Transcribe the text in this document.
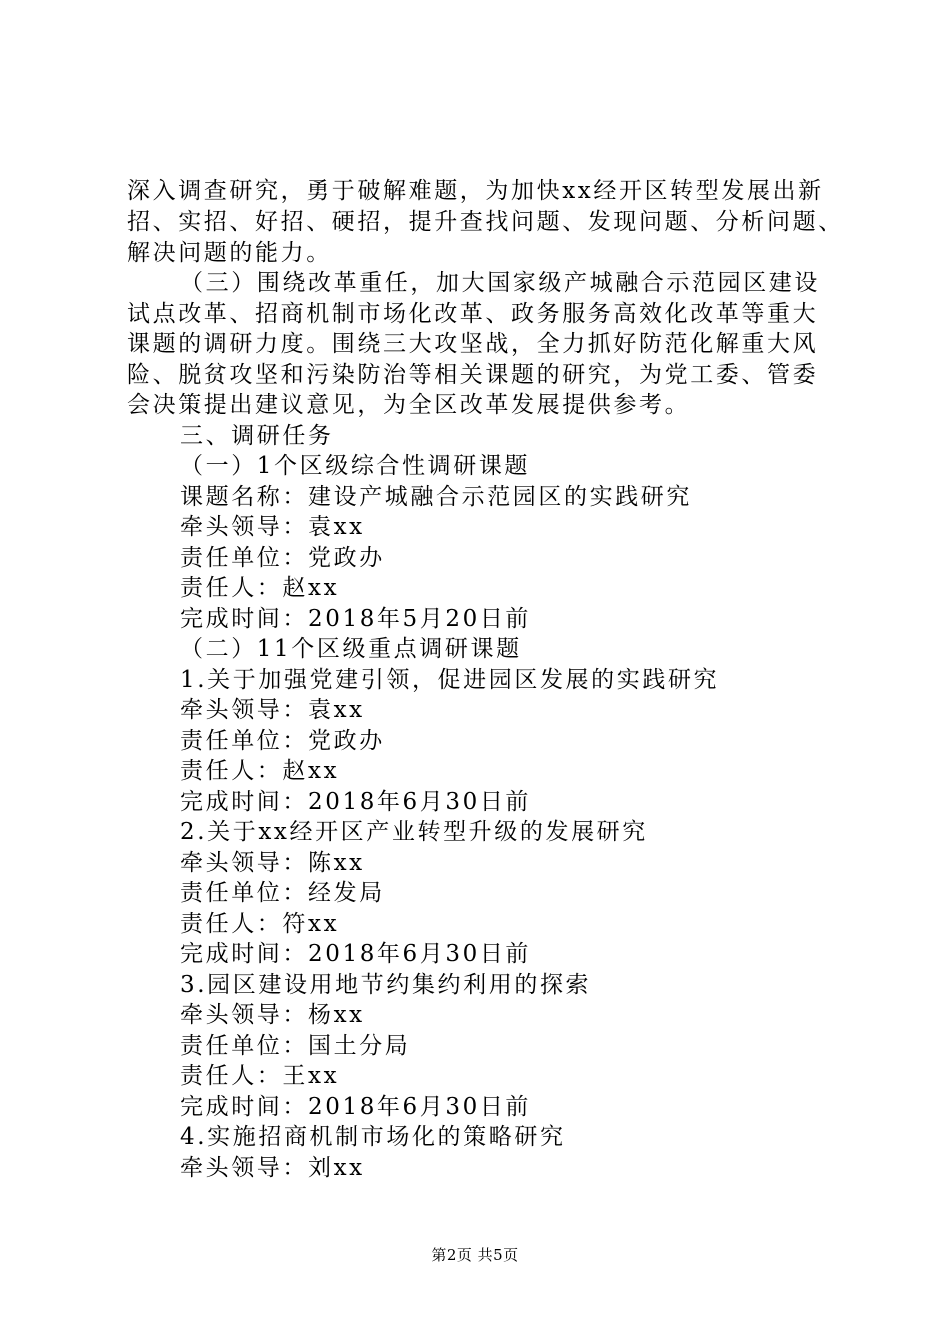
深入调查研究，勇于破解难题，为加快xx经开区转型发展出新
招、实招、好招、硬招，提升查找问题、发现问题、分析问题、
解决问题的能力。
（三）围绕改革重任，加大国家级产城融合示范园区建设
试点改革、招商机制市场化改革、政务服务高效化改革等重大
课题的调研力度。围绕三大攻坚战，全力抓好防范化解重大风
险、脱贫攻坚和污染防治等相关课题的研究，为党工委、管委
会决策提出建议意见，为全区改革发展提供参考。
三、调研任务
（一）1个区级综合性调研课题
课题名称：建设产城融合示范园区的实践研究
牵头领导：袁xx
责任单位：党政办
责任人：赵xx
完成时间：2018年5月20日前
（二）11个区级重点调研课题
1.关于加强党建引领，促进园区发展的实践研究
牵头领导：袁xx
责任单位：党政办
责任人：赵xx
完成时间：2018年6月30日前
2.关于xx经开区产业转型升级的发展研究
牵头领导：陈xx
责任单位：经发局
责任人：符xx
完成时间：2018年6月30日前
3.园区建设用地节约集约利用的探索
牵头领导：杨xx
责任单位：国土分局
责任人：王xx
完成时间：2018年6月30日前
4.实施招商机制市场化的策略研究
牵头领导：刘xx
第2页 共5页
